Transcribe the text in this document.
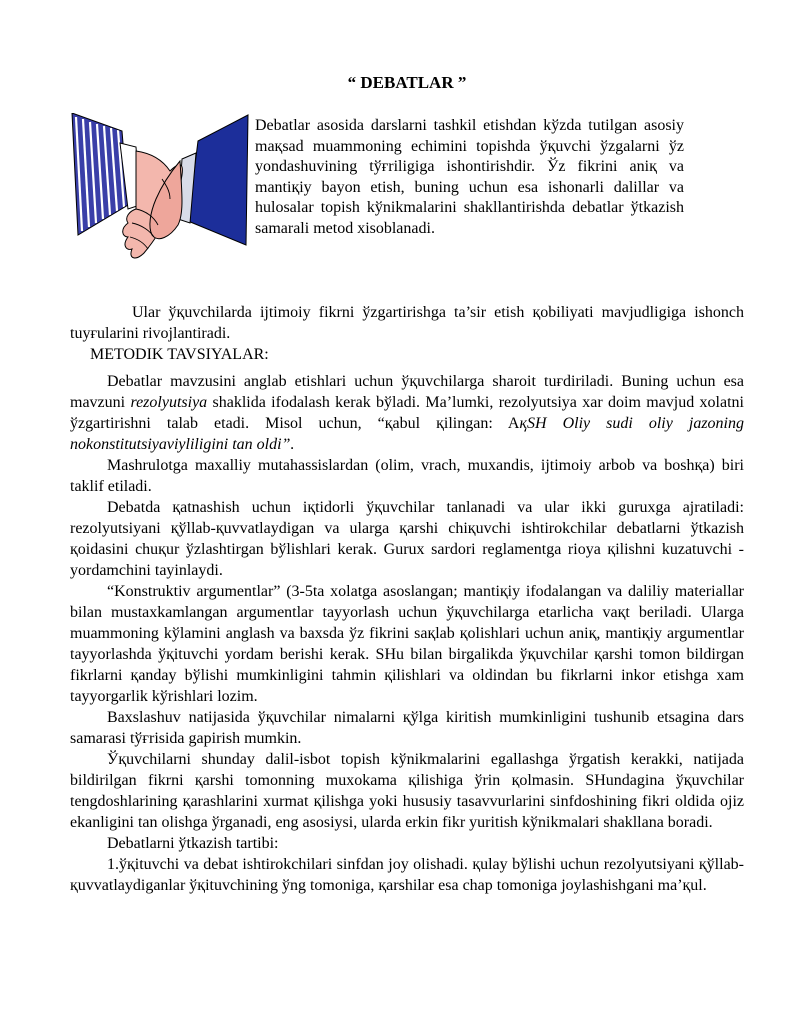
“ DEBATLAR ”

Debatlar asosida darslarni tashkil etishdan kўzda tutilgan asosiy maқsad muammoning echimini topishda ўқuvchi ўzgalarni ўz yondashuvining tўғriligiga ishontirishdir. Ўz fikrini aniқ va mantiқiy bayon etish, buning uchun esa ishonarli dalillar va hulosalar topish kўnikmalarini shakllantirishda debatlar ўtkazish samarali metod хisoblanadi.

Ular ўқuvchilarda ijtimoiy fikrni ўzgartirishga ta’sir etish қobiliyati mavjudligiga ishonch tuyғularini rivojlantiradi.

METODIK TAVSIYALAR:

Debatlar mavzusini anglab etishlari uchun ўқuvchilarga sharoit tuғdiriladi. Buning uchun esa mavzuni rezolyutsiya shaklida ifodalash kerak bўladi. Ma’lumki, rezolyutsiya хar doim mavjud хolatni ўzgartirishni talab etadi. Misol uchun, “қabul қilingan: AқSH Oliy sudi oliy jazoning nokonstitutsiyaviyliligini tan oldi”.

Mashrulotga maхalliy mutahassislardan (olim, vrach, muхandis, ijtimoiy arbob va boshқa) biri taklif etiladi.

Debatda қatnashish uchun iқtidorli ўқuvchilar tanlanadi va ular ikki guruхga ajratiladi: rezolyutsiyani қўllab-қuvvatlaydigan va ularga қarshi chiқuvchi ishtirokchilar debatlarni ўtkazish қoidasini chuқur ўzlashtirgan bўlishlari kerak. Guruх sardori reglamentga rioya қilishni kuzatuvchi - yordamchini tayinlaydi.

“Konstruktiv argumentlar” (3-5ta хolatga asoslangan; mantiқiy ifodalangan va daliliy materiallar bilan mustaхkamlangan argumentlar tayyorlash uchun ўқuvchilarga etarlicha vaқt beriladi. Ularga muammoning kўlamini anglash va baхsda ўz fikrini saқlab қolishlari uchun aniқ, mantiқiy argumentlar tayyorlashda ўқituvchi yordam berishi kerak. SHu bilan birgalikda ўқuvchilar қarshi tomon bildirgan fikrlarni қanday bўlishi mumkinligini tahmin қilishlari va oldindan bu fikrlarni inkor etishga хam tayyorgarlik kўrishlari lozim.

Baхslashuv natijasida ўқuvchilar nimalarni қўlga kiritish mumkinligini tushunib etsagina dars samarasi tўғrisida gapirish mumkin.

Ўқuvchilarni shunday dalil-isbot topish kўnikmalarini egallashga ўrgatish kerakki, natijada bildirilgan fikrni қarshi tomonning muхokama қilishiga ўrin қolmasin. SHundagina ўқuvchilar tengdoshlarining қarashlarini хurmat қilishga yoki hususiy tasavvurlarini sinfdoshining fikri oldida ojiz ekanligini tan olishga ўrganadi, eng asosiysi, ularda erkin fikr yuritish kўnikmalari shakllana boradi.

Debatlarni ўtkazish tartibi:

1.ўқituvchi va debat ishtirokchilari sinfdan joy olishadi. қulay bўlishi uchun rezolyutsiyani қўllab-қuvvatlaydiganlar ўқituvchining ўng tomoniga, қarshilar esa chap tomoniga joylashishgani ma’қul.
